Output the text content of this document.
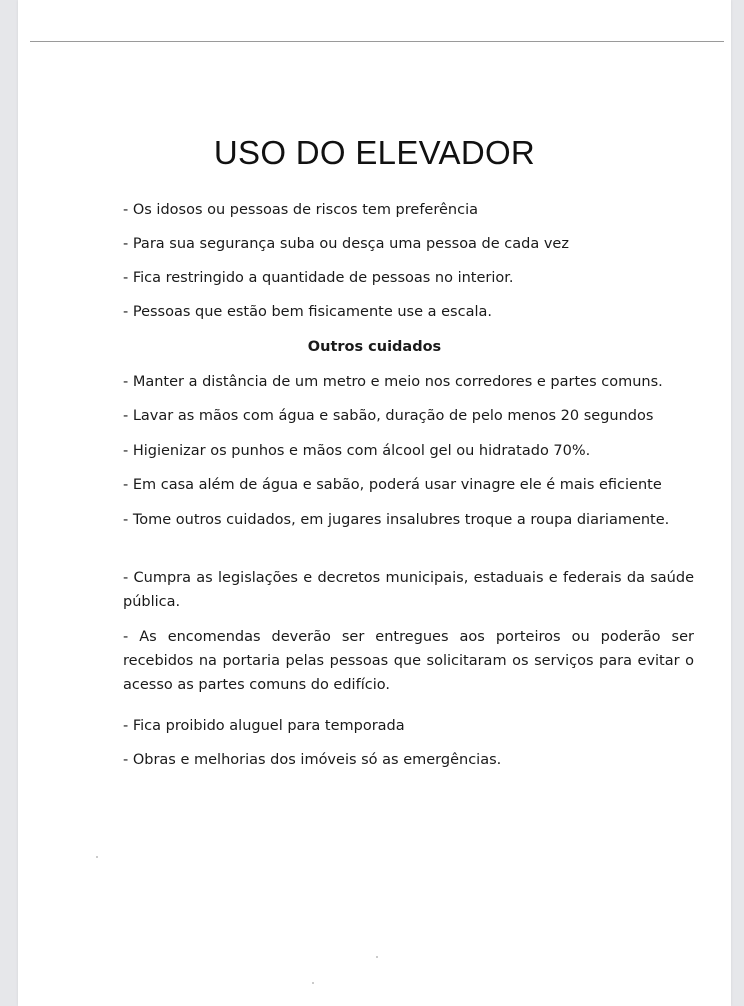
USO DO ELEVADOR
- Os idosos ou pessoas de riscos tem preferência
- Para sua segurança suba ou desça uma pessoa de cada vez
- Fica restringido a quantidade de pessoas no interior.
- Pessoas que estão bem fisicamente use a escala.
Outros cuidados
- Manter a distância de um metro e meio nos corredores e partes comuns.
- Lavar as mãos com água e sabão, duração de pelo menos 20 segundos
- Higienizar os punhos e mãos com álcool gel ou hidratado 70%.
- Em casa além de água e sabão, poderá usar vinagre ele é mais eficiente
- Tome outros cuidados, em jugares insalubres troque a roupa diariamente.
- Cumpra as legislações e decretos municipais, estaduais e federais da saúde pública.
- As encomendas deverão ser entregues aos porteiros ou poderão ser recebidos na portaria pelas pessoas que solicitaram os serviços para evitar o acesso as partes comuns do edifício.
- Fica proibido aluguel para temporada
- Obras e melhorias dos imóveis só as emergências.
